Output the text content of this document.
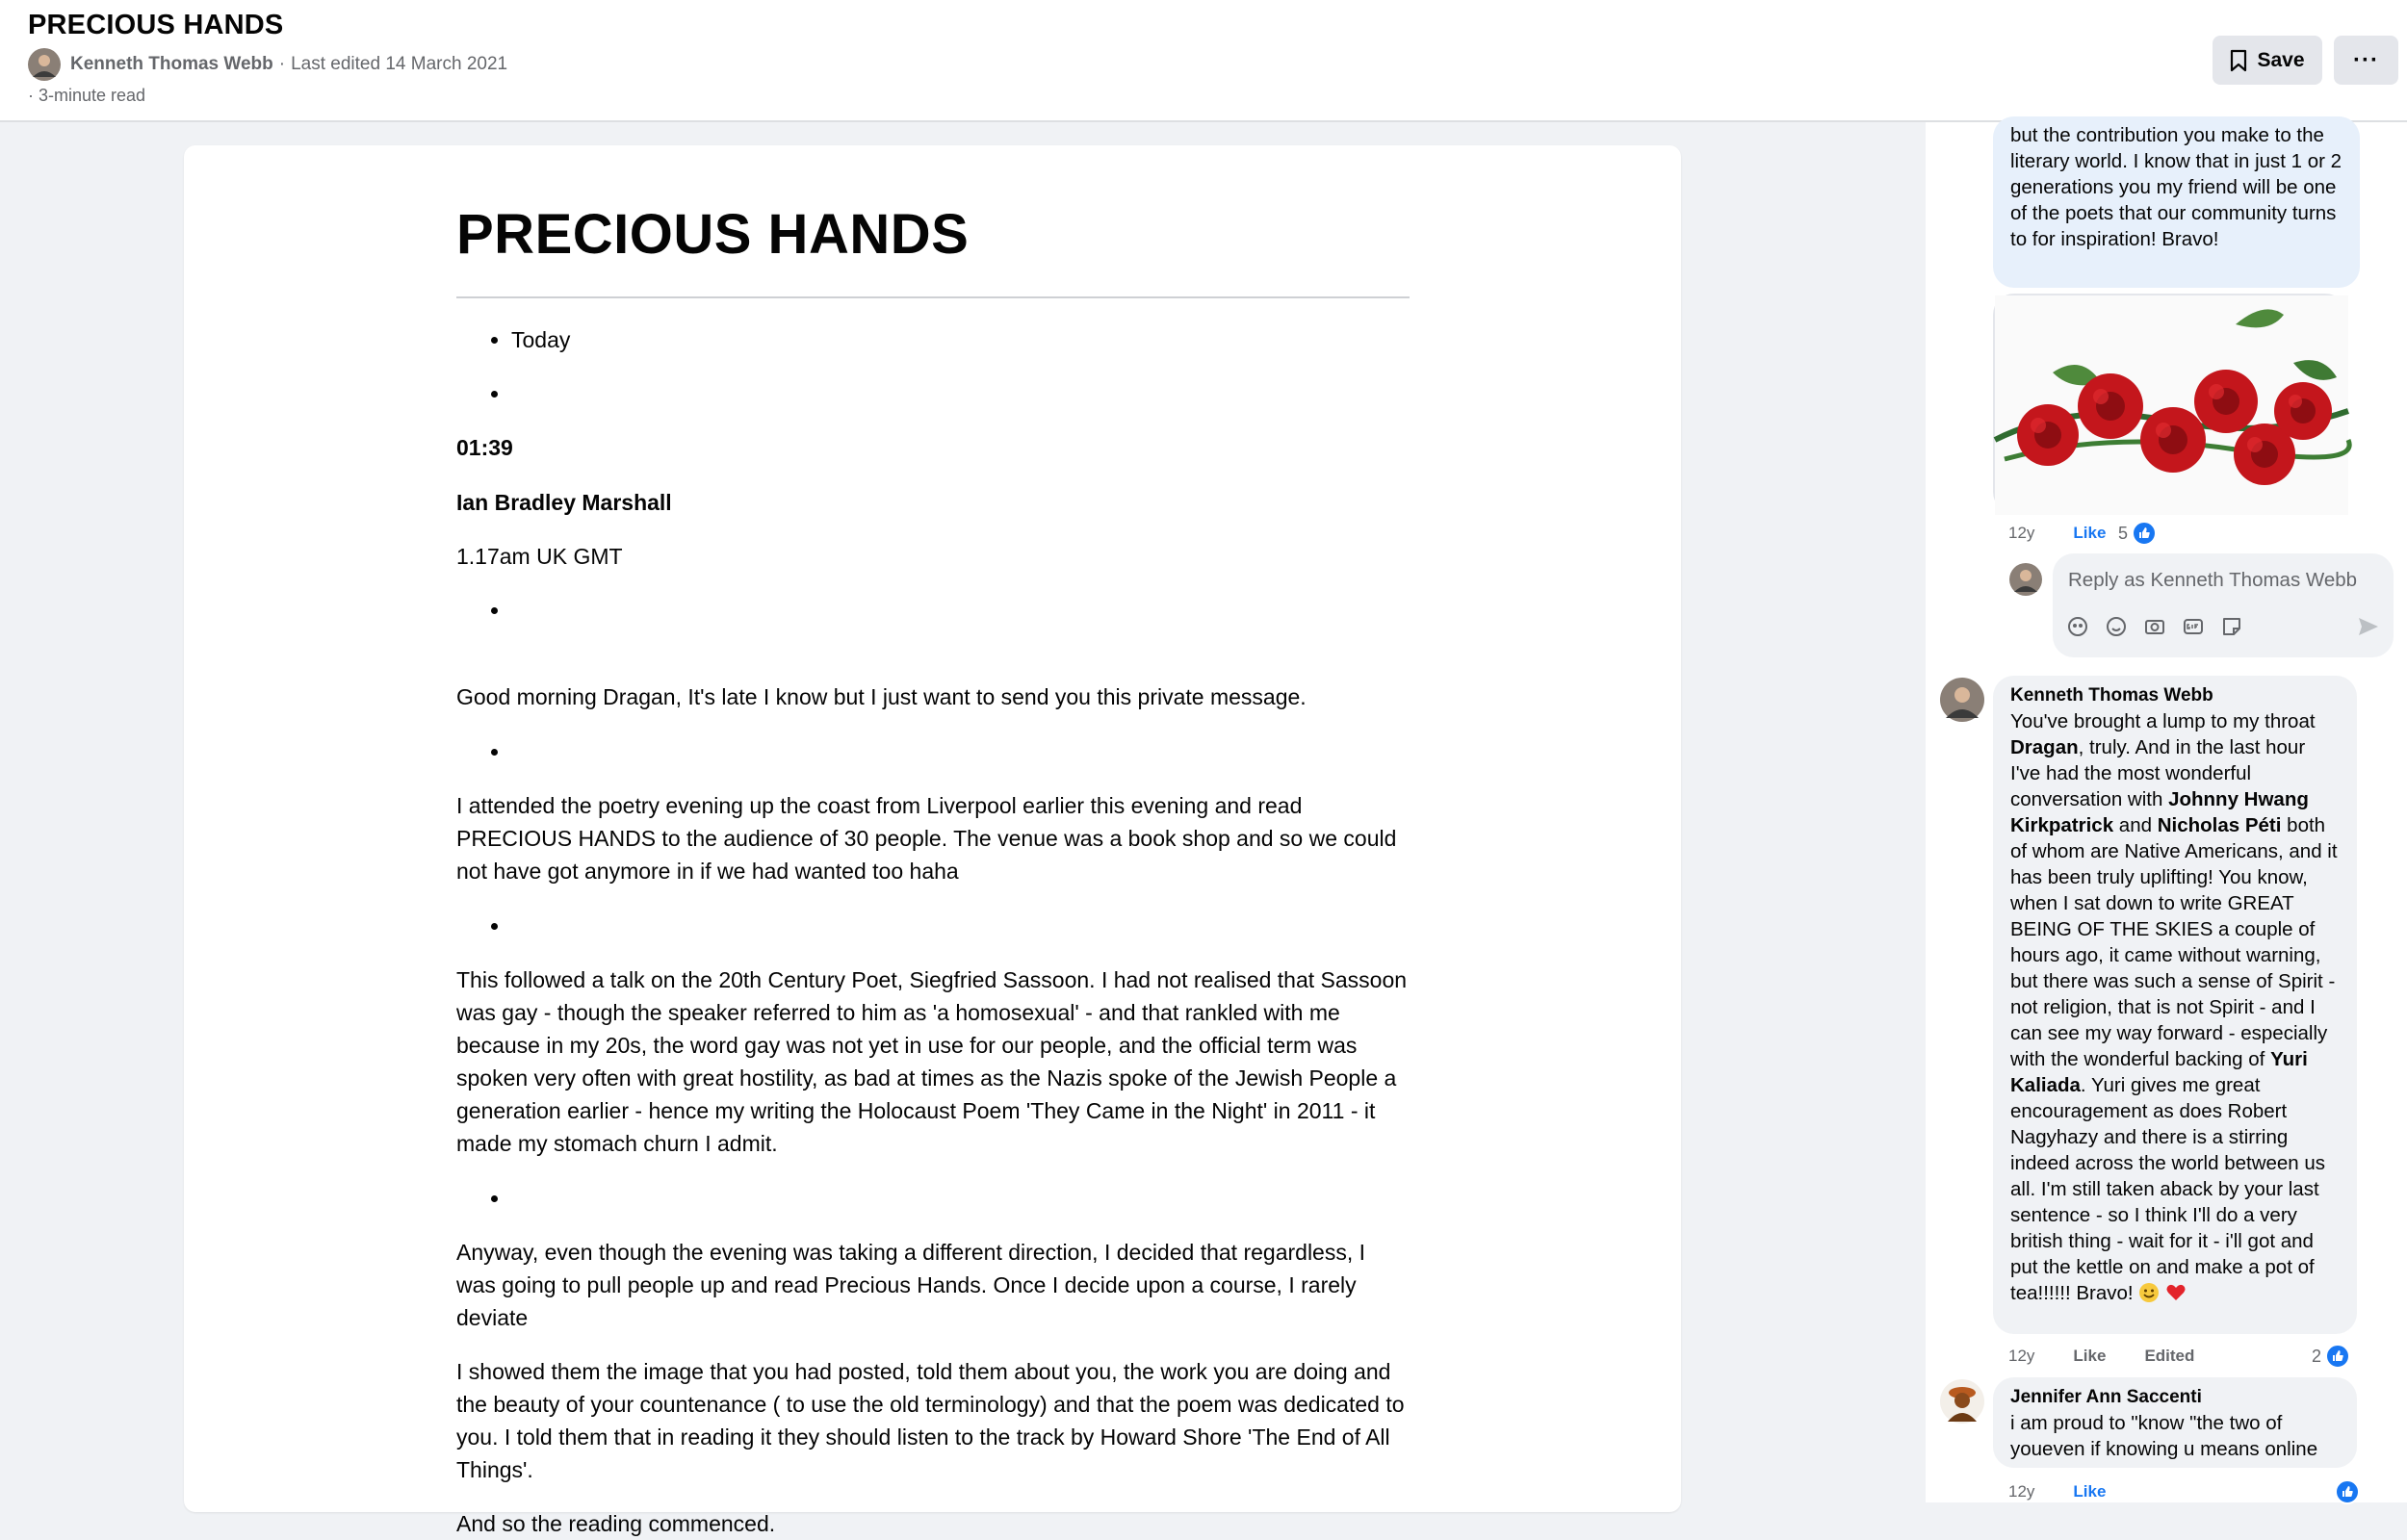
PRECIOUS HANDS
Kenneth Thomas Webb · Last edited 14 March 2021
· 3-minute read
Save ···
PRECIOUS HANDS
• Today
•
01:39
Ian Bradley Marshall
1.17am UK GMT
•
Good morning Dragan, It's late I know but I just want to send you this private message.
•
I attended the poetry evening up the coast from Liverpool earlier this evening and read PRECIOUS HANDS to the audience of 30 people. The venue was a book shop and so we could not have got anymore in if we had wanted too haha
•
This followed a talk on the 20th Century Poet, Siegfried Sassoon. I had not realised that Sassoon was gay - though the speaker referred to him as 'a homosexual' - and that rankled with me because in my 20s, the word gay was not yet in use for our people, and the official term was spoken very often with great hostility, as bad at times as the Nazis spoke of the Jewish People a generation earlier - hence my writing the Holocaust Poem 'They Came in the Night' in 2011 - it made my stomach churn I admit.
•
Anyway, even though the evening was taking a different direction, I decided that regardless, I was going to pull people up and read Precious Hands. Once I decide upon a course, I rarely deviate
I showed them the image that you had posted, told them about you, the work you are doing and the beauty of your countenance ( to use the old terminology) and that the poem was dedicated to you. I told them that in reading it they should listen to the track by Howard Shore 'The End of All Things'.
And so the reading commenced.
but the contribution you make to the literary world. I know that in just 1 or 2 generations you my friend will be one of the poets that our community turns to for inspiration! Bravo!
12y Like 5
Reply as Kenneth Thomas Webb
Kenneth Thomas Webb
You've brought a lump to my throat Dragan, truly. And in the last hour I've had the most wonderful conversation with Johnny Hwang Kirkpatrick and Nicholas Péti both of whom are Native Americans, and it has been truly uplifting! You know, when I sat down to write GREAT BEING OF THE SKIES a couple of hours ago, it came without warning, but there was such a sense of Spirit - not religion, that is not Spirit - and I can see my way forward - especially with the wonderful backing of Yuri Kaliada. Yuri gives me great encouragement as does Robert Nagyhazy and there is a stirring indeed across the world between us all. I'm still taken aback by your last sentence - so I think I'll do a very british thing - wait for it - i'll got and put the kettle on and make a pot of tea!!!!!! Bravo!
12y Like Edited	2
Jennifer Ann Saccenti
i am proud to "know "the two of youeven if knowing u means online
12y Like
